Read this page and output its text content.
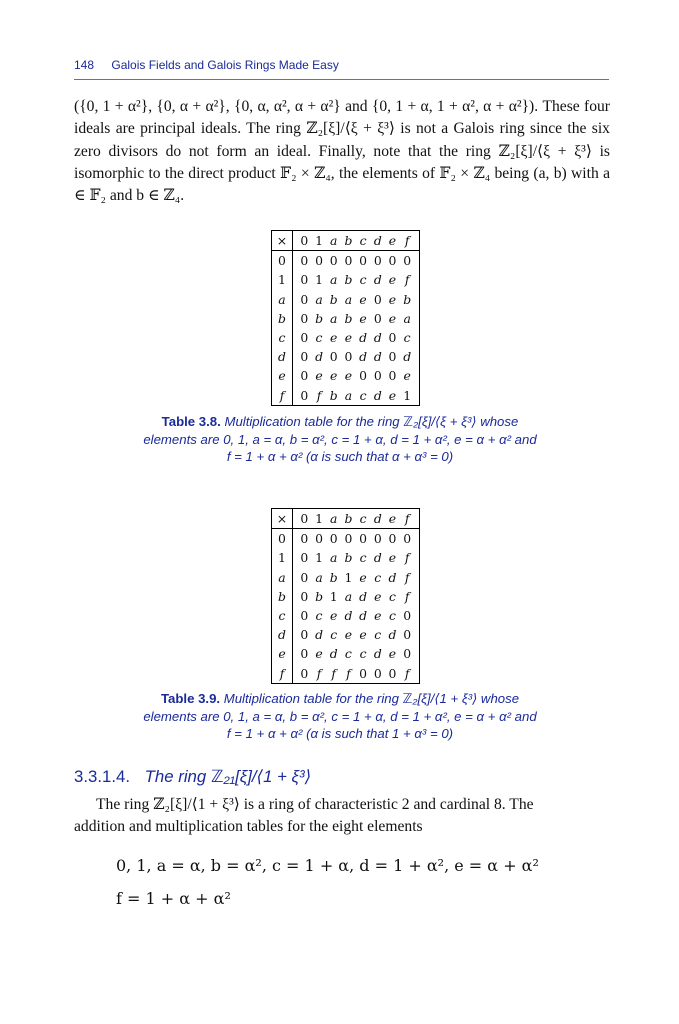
148 Galois Fields and Galois Rings Made Easy
({0, 1 + α²}, {0, α + α²}, {0, α, α², α + α²} and {0, 1 + α, 1 + α², α + α²}). These four ideals are principal ideals. The ring ℤ₂[ξ]/⟨ξ + ξ³⟩ is not a Galois ring since the six zero divisors do not form an ideal. Finally, note that the ring ℤ₂[ξ]/⟨ξ + ξ³⟩ is isomorphic to the direct product 𝔽₂ × ℤ₄, the elements of 𝔽₂ × ℤ₄ being (a, b) with a ∈ 𝔽₂ and b ∈ ℤ₄.
×	0	1	a	b	c	d	e	f
0	0	0	0	0	0	0	0	0
1	0	1	a	b	c	d	e	f
a	0	a	b	a	e	0	e	b
b	0	b	a	b	e	0	e	a
c	0	c	e	e	d	d	0	c
d	0	d	0	0	d	d	0	d
e	0	e	e	e	0	0	0	e
f	0	f	b	a	c	d	e	1
Table 3.8. Multiplication table for the ring ℤ₂[ξ]/⟨ξ + ξ³⟩ whose
elements are 0, 1, a = α, b = α², c = 1 + α, d = 1 + α², e = α + α² and
f = 1 + α + α² (α is such that α + α³ = 0)
×	0	1	a	b	c	d	e	f
0	0	0	0	0	0	0	0	0
1	0	1	a	b	c	d	e	f
a	0	a	b	1	e	c	d	f
b	0	b	1	a	d	e	c	f
c	0	c	e	d	d	e	c	0
d	0	d	c	e	e	c	d	0
e	0	e	d	c	c	d	e	0
f	0	f	f	f	0	0	0	f
Table 3.9. Multiplication table for the ring ℤ₂[ξ]/⟨1 + ξ³⟩ whose
elements are 0, 1, a = α, b = α², c = 1 + α, d = 1 + α², e = α + α² and
f = 1 + α + α² (α is such that 1 + α³ = 0)
3.3.1.4. The ring ℤ₂₁[ξ]/⟨1 + ξ³⟩
The ring ℤ₂[ξ]/⟨1 + ξ³⟩ is a ring of characteristic 2 and cardinal 8. The
addition and multiplication tables for the eight elements
0, 1, a = α, b = α², c = 1 + α, d = 1 + α², e = α + α²
f = 1 + α + α²
